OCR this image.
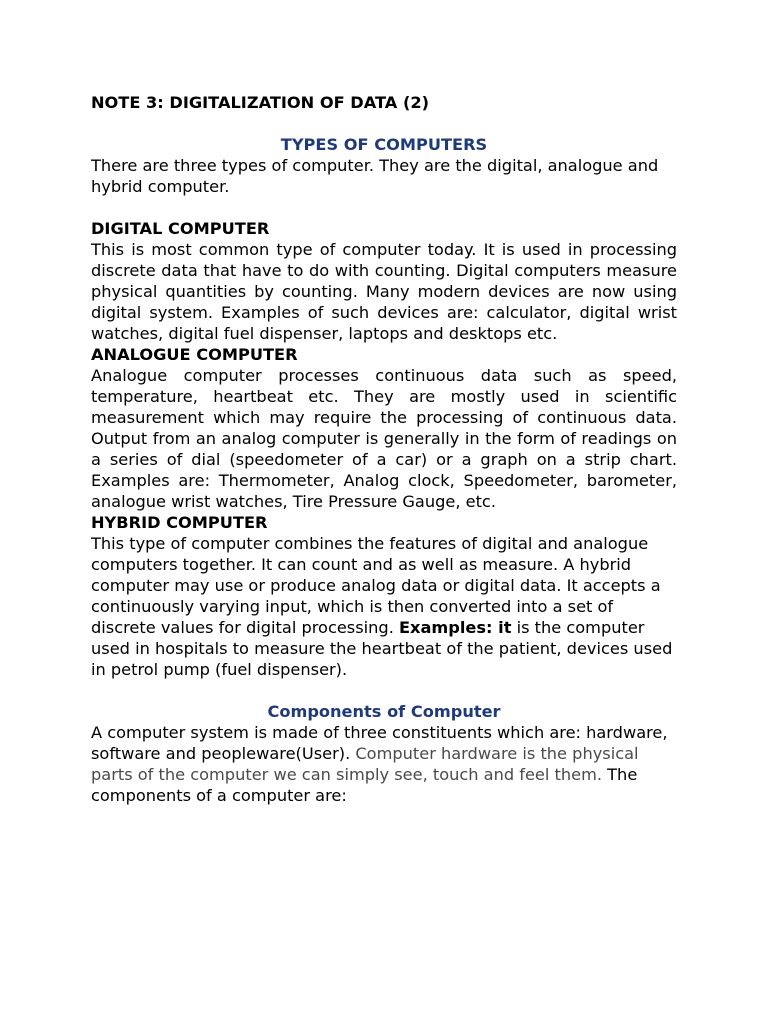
NOTE 3: DIGITALIZATION OF DATA (2)

TYPES OF COMPUTERS

There are three types of computer. They are the digital, analogue and hybrid computer.

DIGITAL COMPUTER

This is most common type of computer today. It is used in processing discrete data that have to do with counting. Digital computers measure physical quantities by counting. Many modern devices are now using digital system. Examples of such devices are: calculator, digital wrist watches, digital fuel dispenser, laptops and desktops etc.

ANALOGUE COMPUTER

Analogue computer processes continuous data such as speed, temperature, heartbeat etc. They are mostly used in scientific measurement which may require the processing of continuous data. Output from an analog computer is generally in the form of readings on a series of dial (speedometer of a car) or a graph on a strip chart. Examples are: Thermometer, Analog clock, Speedometer, barometer, analogue wrist watches, Tire Pressure Gauge, etc.

HYBRID COMPUTER

This type of computer combines the features of digital and analogue computers together. It can count and as well as measure. A hybrid computer may use or produce analog data or digital data. It accepts a continuously varying input, which is then converted into a set of discrete values for digital processing. Examples: it is the computer used in hospitals to measure the heartbeat of the patient, devices used in petrol pump (fuel dispenser).

Components of Computer

A computer system is made of three constituents which are: hardware, software and peopleware(User). Computer hardware is the physical parts of the computer we can simply see, touch and feel them. The components of a computer are:
